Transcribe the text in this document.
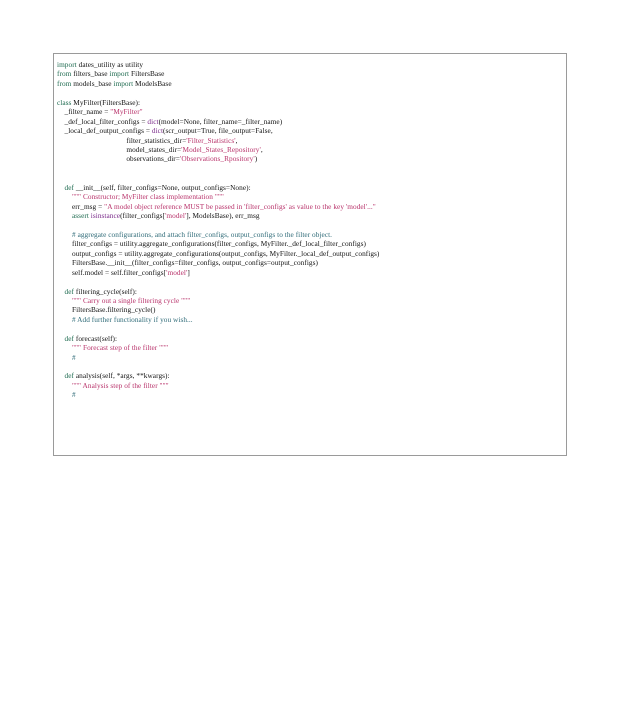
import dates_utility as utility
from filters_base import FiltersBase
from models_base import ModelsBase

class MyFilter(FiltersBase):
_filter_name = "MyFilter"
_def_local_filter_configs = dict(model=None, filter_name=_filter_name)
_local_def_output_configs = dict(scr_output=True, file_output=False,
filter_statistics_dir='Filter_Statistics',
model_states_dir='Model_States_Repository',
observations_dir='Observations_Rpository')

def __init__(self, filter_configs=None, output_configs=None):
""" Constructor; MyFilter class implementation """
err_msg = "A model object reference MUST be passed in 'filter_configs' as value to the key 'model'..."
assert isinstance(filter_configs['model'], ModelsBase), err_msg

# aggregate configurations, and attach filter_configs, output_configs to the filter object.
filter_configs = utility.aggregate_configurations(filter_configs, MyFilter._def_local_filter_configs)
output_configs = utility.aggregate_configurations(output_configs, MyFilter._local_def_output_configs)
FiltersBase.__init__(filter_configs=filter_configs, output_configs=output_configs)
self.model = self.filter_configs['model']

def filtering_cycle(self):
""" Carry out a single filtering cycle """
FiltersBase.filtering_cycle()
# Add further functionality if you wish...

def forecast(self):
""" Forecast step of the filter """
#

def analysis(self, *args, **kwargs):
""" Analysis step of the filter """
#
